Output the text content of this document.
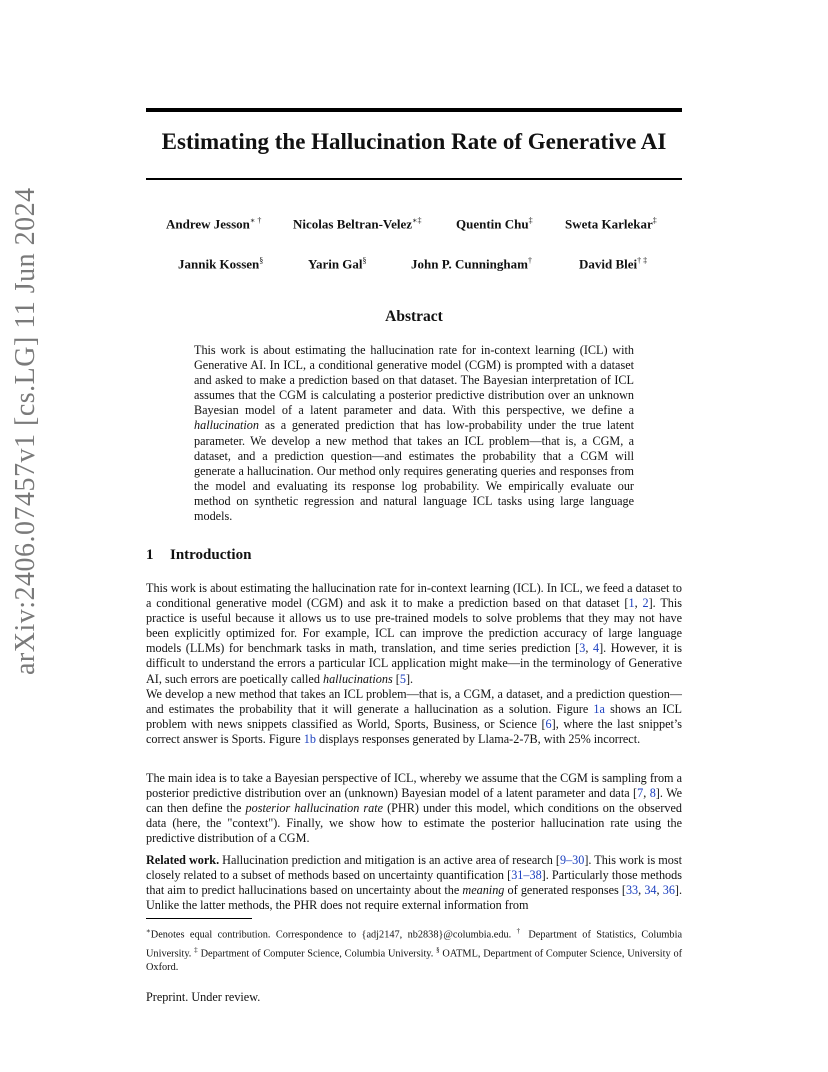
arXiv:2406.07457v1 [cs.LG] 11 Jun 2024
Estimating the Hallucination Rate of Generative AI
Andrew Jesson∗ † Nicolas Beltran-Velez∗‡	Quentin Chu‡ Sweta Karlekar‡
Jannik Kossen§	Yarin Gal§	John P. Cunningham†	David Blei† ‡
Abstract

This work is about estimating the hallucination rate for in-context learning (ICL) with Generative AI. In ICL, a conditional generative model (CGM) is prompted with a dataset and asked to make a prediction based on that dataset. The Bayesian interpretation of ICL assumes that the CGM is calculating a posterior predictive distribution over an unknown Bayesian model of a latent parameter and data. With this perspective, we define a hallucination as a generated prediction that has low-probability under the true latent parameter. We develop a new method that takes an ICL problem—that is, a CGM, a dataset, and a prediction question—and estimates the probability that a CGM will generate a hallucination. Our method only requires generating queries and responses from the model and evaluating its response log probability. We empirically evaluate our method on synthetic regression and natural language ICL tasks using large language models.

1 Introduction

This work is about estimating the hallucination rate for in-context learning (ICL). In ICL, we feed a dataset to a conditional generative model (CGM) and ask it to make a prediction based on that dataset [1, 2]. This practice is useful because it allows us to use pre-trained models to solve problems that they may not have been explicitly optimized for. For example, ICL can improve the prediction accuracy of large language models (LLMs) for benchmark tasks in math, translation, and time series prediction [3, 4]. However, it is difficult to understand the errors a particular ICL application might make—in the terminology of Generative AI, such errors are poetically called hallucinations [5].

We develop a new method that takes an ICL problem—that is, a CGM, a dataset, and a prediction question—and estimates the probability that it will generate a hallucination as a solution. Figure 1a shows an ICL problem with news snippets classified as World, Sports, Business, or Science [6], where the last snippet’s correct answer is Sports. Figure 1b displays responses generated by Llama-2-7B, with 25% incorrect.

The main idea is to take a Bayesian perspective of ICL, whereby we assume that the CGM is sampling from a posterior predictive distribution over an (unknown) Bayesian model of a latent parameter and data [7, 8]. We can then define the posterior hallucination rate (PHR) under this model, which conditions on the observed data (here, the "context"). Finally, we show how to estimate the posterior hallucination rate using the predictive distribution of a CGM.

Related work. Hallucination prediction and mitigation is an active area of research [9–30]. This work is most closely related to a subset of methods based on uncertainty quantification [31–38]. Particularly those methods that aim to predict hallucinations based on uncertainty about the meaning of generated responses [33, 34, 36]. Unlike the latter methods, the PHR does not require external information from

∗Denotes equal contribution. Correspondence to {adj2147, nb2838}@columbia.edu. † Department of Statistics, Columbia University. ‡ Department of Computer Science, Columbia University. § OATML, Department of Computer Science, University of Oxford.

Preprint. Under review.
